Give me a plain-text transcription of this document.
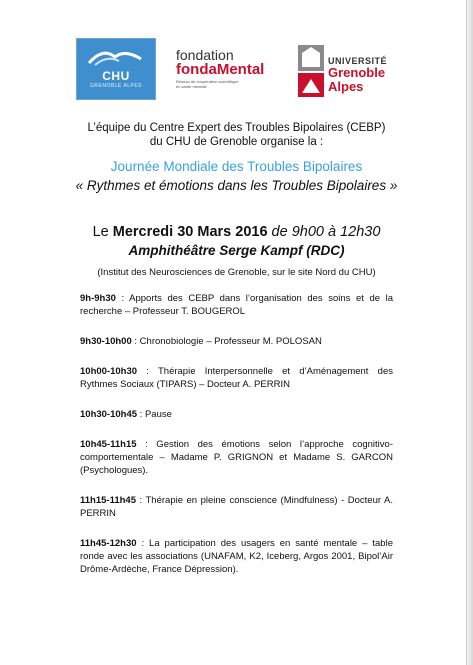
CHU
GRENOBLE ALPES
fondation
fondaMental
Réseau de coopération scientifique en santé mentale
UNIVERSITÉ
Grenoble
Alpes
L’équipe du Centre Expert des Troubles Bipolaires (CEBP)
du CHU de Grenoble organise la :
Journée Mondiale des Troubles Bipolaires
« Rythmes et émotions dans les Troubles Bipolaires »
Le Mercredi 30 Mars 2016 de 9h00 à 12h30
Amphithéâtre Serge Kampf (RDC)
(Institut des Neurosciences de Grenoble, sur le site Nord du CHU)
9h-9h30 : Apports des CEBP dans l’organisation des soins et de la recherche – Professeur T. BOUGEROL
9h30-10h00 : Chronobiologie – Professeur M. POLOSAN
10h00-10h30 : Thérapie Interpersonnelle et d’Aménagement des Rythmes Sociaux (TIPARS) – Docteur A. PERRIN
10h30-10h45 : Pause
10h45-11h15 : Gestion des émotions selon l’approche cognitivo-comportementale – Madame P. GRIGNON et Madame S. GARCON (Psychologues).
11h15-11h45 : Thérapie en pleine conscience (Mindfulness) - Docteur A. PERRIN
11h45-12h30 : La participation des usagers en santé mentale – table ronde avec les associations (UNAFAM, K2, Iceberg, Argos 2001, Bipol’Air Drôme-Ardèche, France Dépression).
